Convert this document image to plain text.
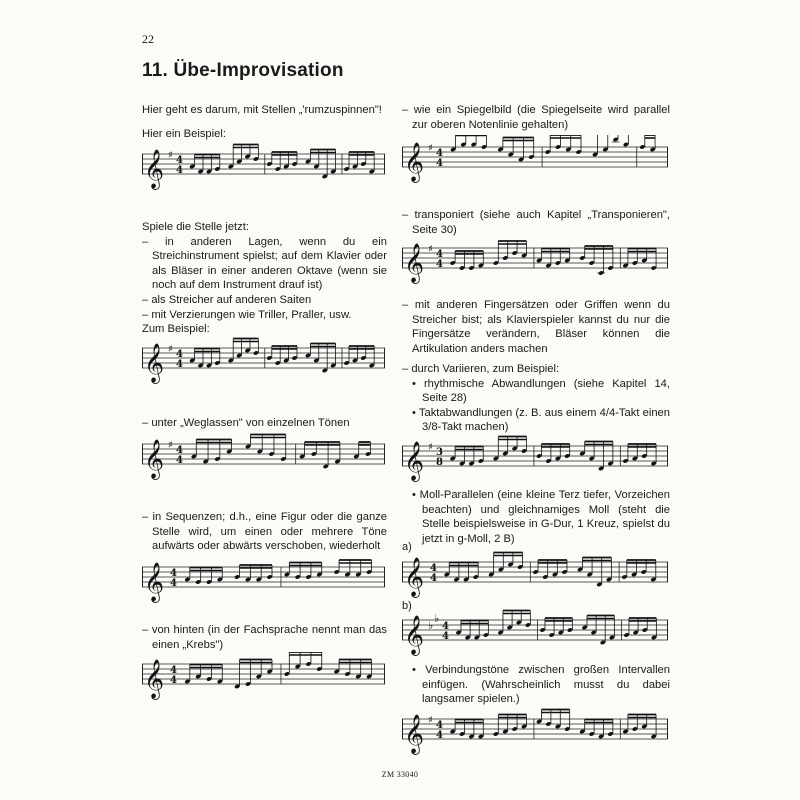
22
11. Übe-Improvisation

Hier geht es darum, mit Stellen „'rumzuspinnen"!

Hier ein Beispiel:

𝄞 ♯ 4
4

Spiele die Stelle jetzt:

– in anderen Lagen, wenn du ein Streichinstrument spielst; auf dem Klavier oder als Bläser in einer anderen Oktave (wenn sie noch auf dem Instrument drauf ist)

– als Streicher auf anderen Saiten

– mit Verzierungen wie Triller, Praller, usw.

Zum Beispiel:

𝄞 ♯ 4
4

– unter „Weglassen" von einzelnen Tönen

𝄞 ♯ 4
4

– in Sequenzen; d.h., eine Figur oder die ganze Stelle wird, um einen oder mehrere Töne aufwärts oder abwärts verschoben, wiederholt

𝄞 4
4

– von hinten (in der Fachsprache nennt man das einen „Krebs")

𝄞 4
4

– wie ein Spiegelbild (die Spiegelseite wird parallel zur oberen Notenlinie gehalten)

𝄞 ♯ 4
4

– transponiert (siehe auch Kapitel „Transponieren", Seite 30)

𝄞 ♯ 4
4

– mit anderen Fingersätzen oder Griffen wenn du Streicher bist; als Klavierspieler kannst du nur die Fingersätze verändern, Bläser können die Artikulation anders machen

– durch Variieren, zum Beispiel:

• rhythmische Abwandlungen (siehe Kapitel 14, Seite 28)

• Taktabwandlungen (z. B. aus einem 4/4-Takt einen 3/8-Takt machen)

𝄞 ♯ 3
8

• Moll-Parallelen (eine kleine Terz tiefer, Vorzeichen beachten) und gleichnamiges Moll (steht die Stelle beispielsweise in G-Dur, 1 Kreuz, spielst du jetzt in g-Moll, 2 B)

a)
𝄞 4
4
b)
𝄞 ♭
♭
4
4

• Verbindungstöne zwischen großen Intervallen einfügen. (Wahrscheinlich musst du dabei langsamer spielen.)

𝄞 ♯ 4
4
ZM 33040
